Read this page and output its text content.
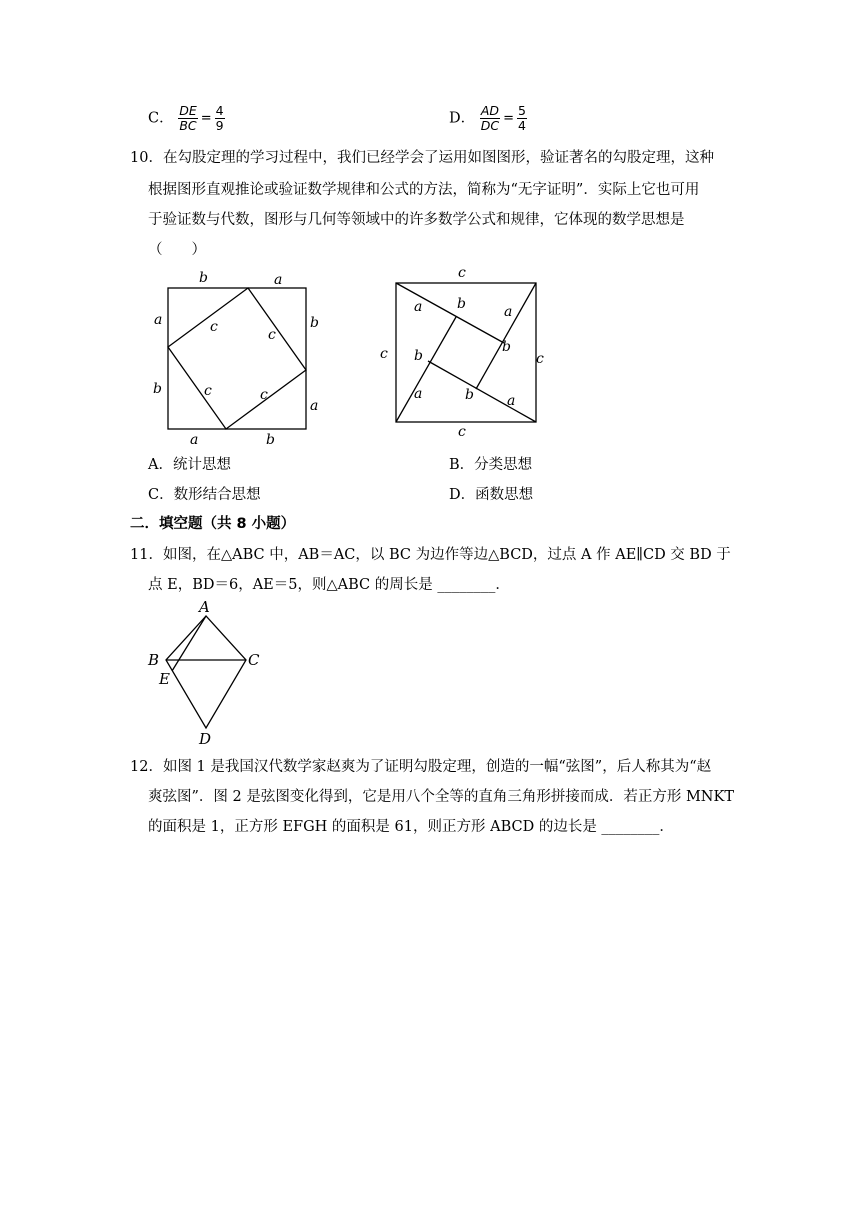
C． $\frac{DE}{BC} = \frac{4}{9}$	D． $\frac{AD}{DC} = \frac{5}{4}$
10．在勾股定理的学习过程中，我们已经学会了运用如图图形，验证著名的勾股定理，这种
根据图形直观推论或验证数学规律和公式的方法，简称为“无字证明”．实际上它也可用
于验证数与代数，图形与几何等领域中的许多数学公式和规律，它体现的数学思想是
（　　）
b	a
a
b
b
a
a	b
c	c
c	c
c
c
c	c
a b	a
b
b
a	b a
A．统计思想	B．分类思想
C．数形结合思想	D．函数思想
二．填空题（共 8 小题）
11．如图，在△ABC 中，AB＝AC，以 BC 为边作等边△BCD，过点 A 作 AE∥CD 交 BD 于
点 E，BD＝6，AE＝5，则△ABC 的周长是 ________．
A
B	C
E
D
12．如图 1 是我国汉代数学家赵爽为了证明勾股定理，创造的一幅“弦图”，后人称其为“赵
爽弦图”．图 2 是弦图变化得到，它是用八个全等的直角三角形拼接而成．若正方形 MNKT
的面积是 1，正方形 EFGH 的面积是 61，则正方形 ABCD 的边长是 ________．
